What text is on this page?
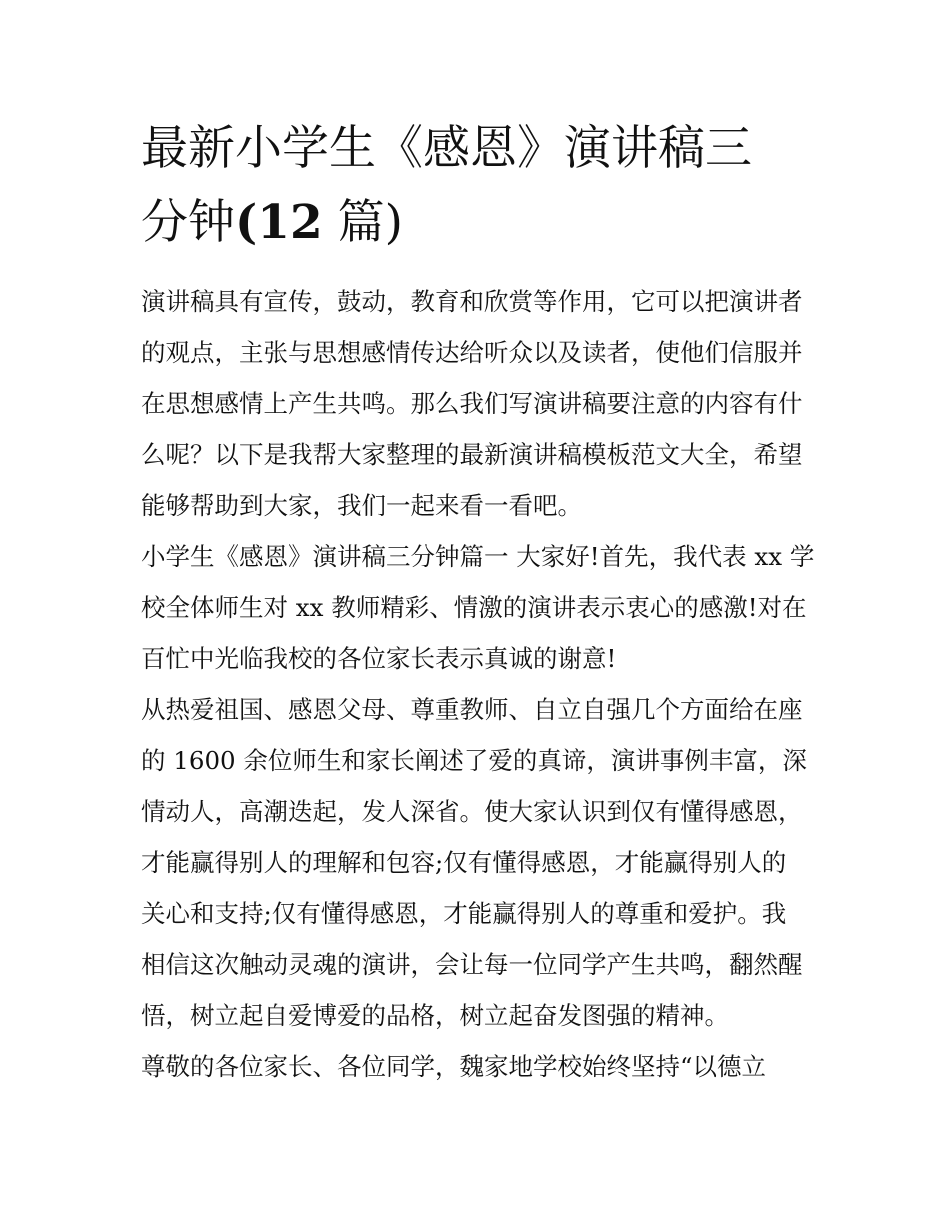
最新小学生《感恩》演讲稿三
分钟(12 篇)
演讲稿具有宣传，鼓动，教育和欣赏等作用，它可以把演讲者
的观点，主张与思想感情传达给听众以及读者，使他们信服并
在思想感情上产生共鸣。那么我们写演讲稿要注意的内容有什
么呢？以下是我帮大家整理的最新演讲稿模板范文大全，希望
能够帮助到大家，我们一起来看一看吧。
小学生《感恩》演讲稿三分钟篇一 大家好!首先，我代表 xx 学
校全体师生对 xx 教师精彩、情激的演讲表示衷心的感激!对在
百忙中光临我校的各位家长表示真诚的谢意!
从热爱祖国、感恩父母、尊重教师、自立自强几个方面给在座
的 1600 余位师生和家长阐述了爱的真谛，演讲事例丰富，深
情动人，高潮迭起，发人深省。使大家认识到仅有懂得感恩，
才能赢得别人的理解和包容;仅有懂得感恩，才能赢得别人的
关心和支持;仅有懂得感恩，才能赢得别人的尊重和爱护。我
相信这次触动灵魂的演讲，会让每一位同学产生共鸣，翻然醒
悟，树立起自爱博爱的品格，树立起奋发图强的精神。
尊敬的各位家长、各位同学，魏家地学校始终坚持“以德立
